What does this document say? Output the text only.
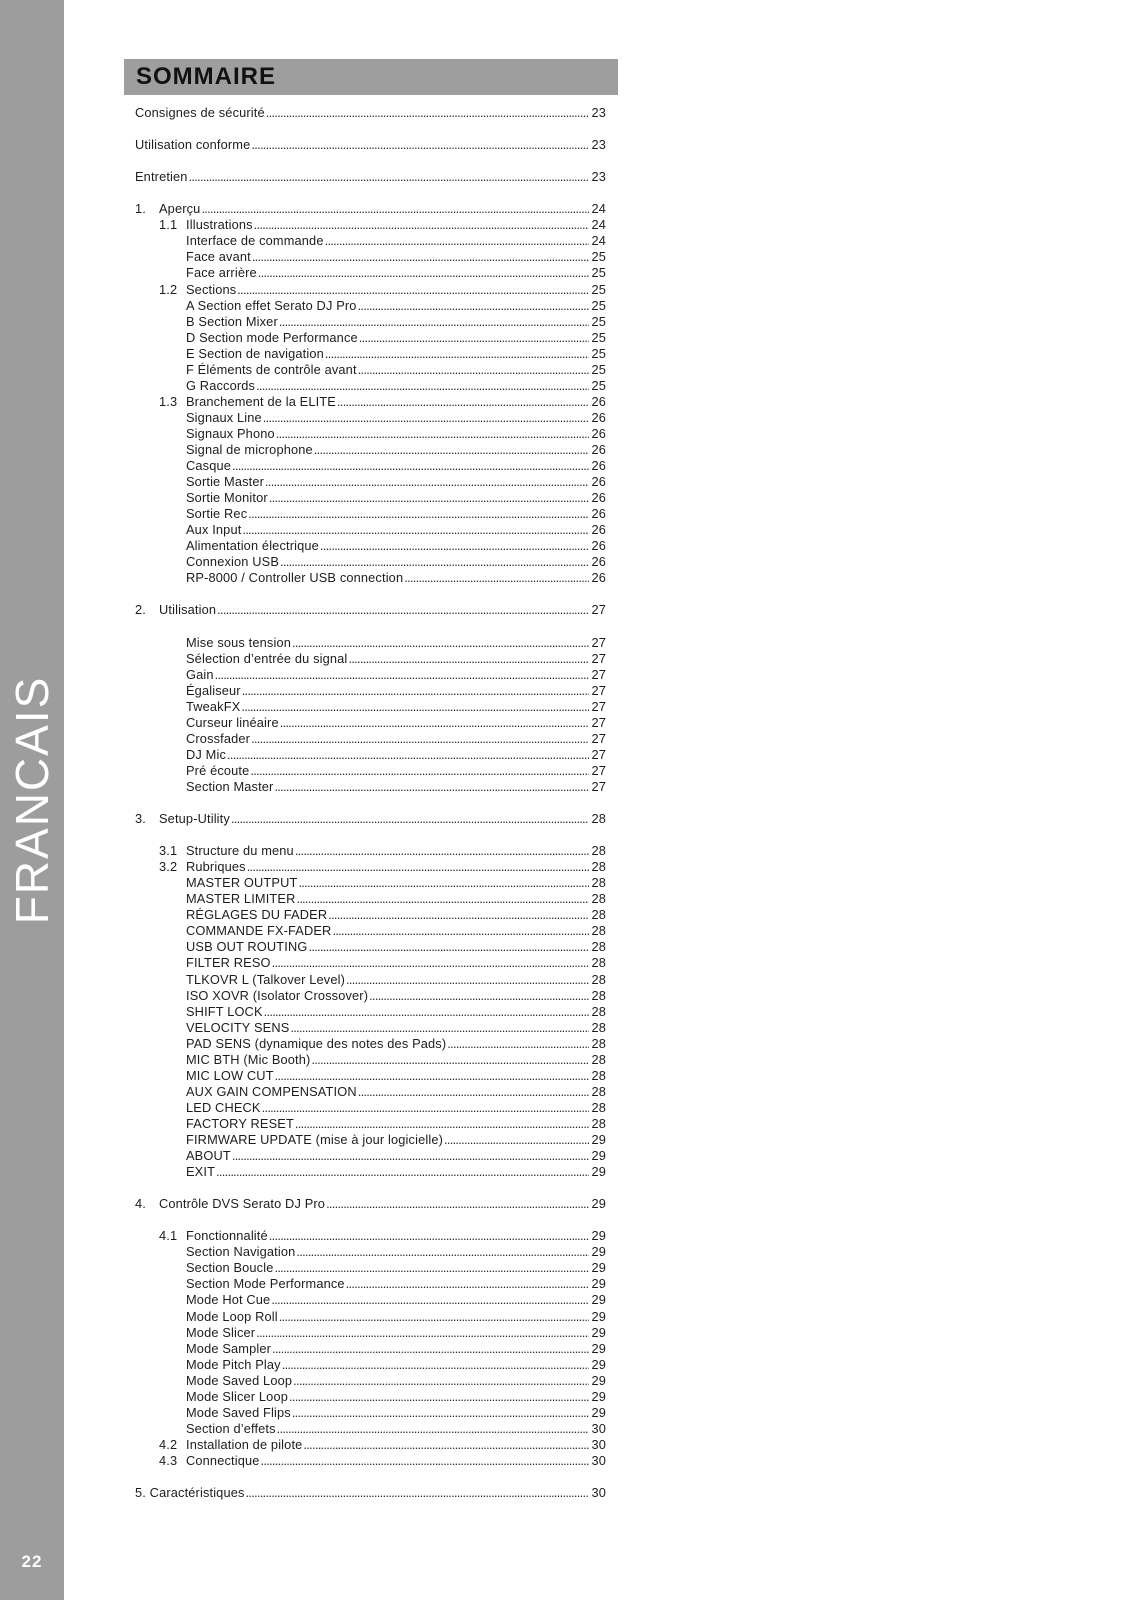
FRANCAIS
22
SOMMAIRE
Consignes de sécurité .....	23
Utilisation conforme .....	23
Entretien .....	23
1.	Aperçu .....	24
1.1 Illustrations .....	24
Interface de commande .....	24
Face avant .....	25
Face arrière .....	25
1.2 Sections .....	25
A Section effet Serato DJ Pro .....	25
B Section Mixer .....	25
D Section mode Performance .....	25
E Section de navigation .....	25
F Éléments de contrôle avant .....	25
G Raccords .....	25
1.3 Branchement de la ELITE .....	26
Signaux Line .....	26
Signaux Phono .....	26
Signal de microphone .....	26
Casque .....	26
Sortie Master .....	26
Sortie Monitor .....	26
Sortie Rec .....	26
Aux Input .....	26
Alimentation électrique .....	26
Connexion USB .....	26
RP-8000 / Controller USB connection .....	26
2.	Utilisation .....	27
Mise sous tension .....	27
Sélection d’entrée du signal .....	27
Gain .....	27
Égaliseur .....	27
TweakFX .....	27
Curseur linéaire .....	27
Crossfader .....	27
DJ Mic .....	27
Pré écoute .....	27
Section Master .....	27
3.	Setup-Utility .....	28
3.1 Structure du menu .....	28
3.2 Rubriques .....	28
MASTER OUTPUT .....	28
MASTER LIMITER .....	28
RÉGLAGES DU FADER .....	28
COMMANDE FX-FADER .....	28
USB OUT ROUTING .....	28
FILTER RESO .....	28
TLKOVR L (Talkover Level) .....	28
ISO XOVR (Isolator Crossover) .....	28
SHIFT LOCK .....	28
VELOCITY SENS .....	28
PAD SENS (dynamique des notes des Pads) .....	28
MIC BTH (Mic Booth) .....	28
MIC LOW CUT .....	28
AUX GAIN COMPENSATION .....	28
LED CHECK .....	28
FACTORY RESET .....	28
FIRMWARE UPDATE (mise à jour logicielle) .....	29
ABOUT .....	29
EXIT .....	29
4.	Contrôle DVS Serato DJ Pro .....	29
4.1 Fonctionnalité .....	29
Section Navigation .....	29
Section Boucle .....	29
Section Mode Performance .....	29
Mode Hot Cue .....	29
Mode Loop Roll .....	29
Mode Slicer .....	29
Mode Sampler .....	29
Mode Pitch Play .....	29
Mode Saved Loop .....	29
Mode Slicer Loop .....	29
Mode Saved Flips .....	29
Section d’effets .....	30
4.2 Installation de pilote .....	30
4.3 Connectique .....	30
5. Caractéristiques .....	30
